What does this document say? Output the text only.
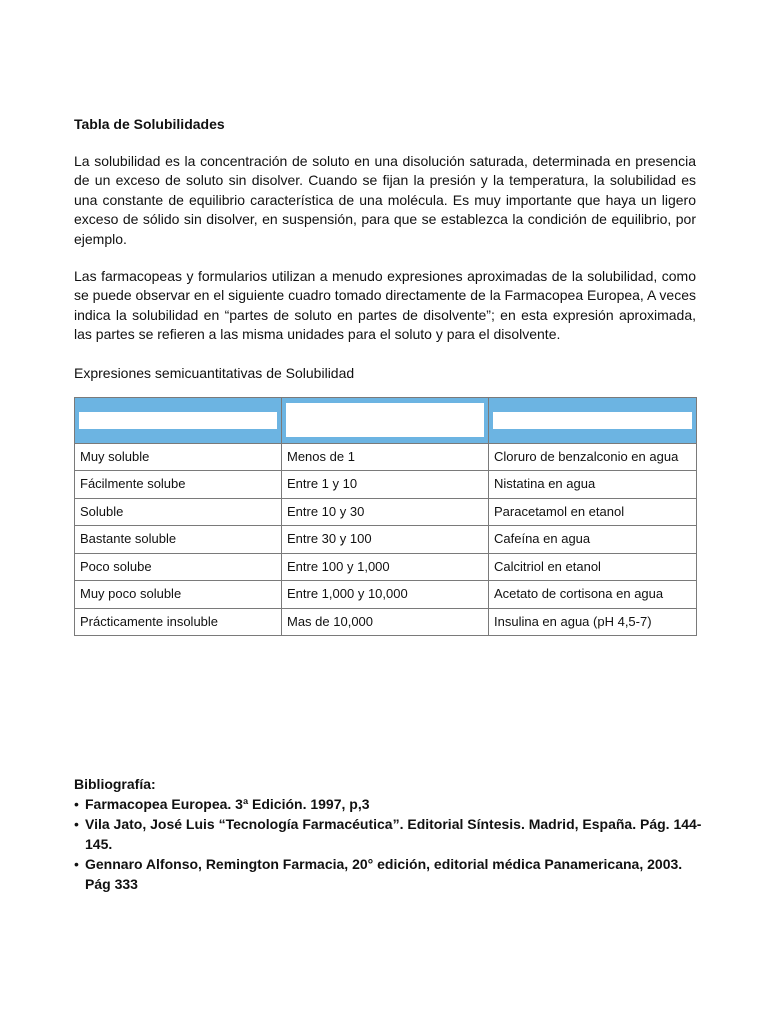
Tabla de Solubilidades

La solubilidad es la concentración de soluto en una disolución saturada, determinada en presencia de un exceso de soluto sin disolver. Cuando se fijan la presión y la temperatura, la solubilidad es una constante de equilibrio característica de una molécula. Es muy importante que haya un ligero exceso de sólido sin disolver, en suspensión, para que se establezca la condición de equilibrio, por ejemplo.

Las farmacopeas y formularios utilizan a menudo expresiones aproximadas de la solubilidad, como se puede observar en el siguiente cuadro tomado directamente de la Farmacopea Europea, A veces indica la solubilidad en “partes de soluto en partes de disolvente”; en esta expresión aproximada, las partes se refieren a las misma unidades para el soluto y para el disolvente.

Expresiones semicuantitativas de Solubilidad

Muy soluble	Menos de 1	Cloruro de benzalconio en agua
Fácilmente solube	Entre 1 y 10	Nistatina en agua
Soluble	Entre 10 y 30	Paracetamol en etanol
Bastante soluble	Entre 30 y 100	Cafeína en agua
Poco solube	Entre 100 y 1,000	Calcitriol en etanol
Muy poco soluble	Entre 1,000 y 10,000	Acetato de cortisona en agua
Prácticamente insoluble	Mas de 10,000	Insulina en agua (pH 4,5-7)
Bibliografía:
• Farmacopea Europea. 3ª Edición. 1997, p,3
• Vila Jato, José Luis “Tecnología Farmacéutica”. Editorial Síntesis. Madrid, España. Pág. 144-145.
• Gennaro Alfonso, Remington Farmacia, 20° edición, editorial médica Panamericana, 2003. Pág 333
